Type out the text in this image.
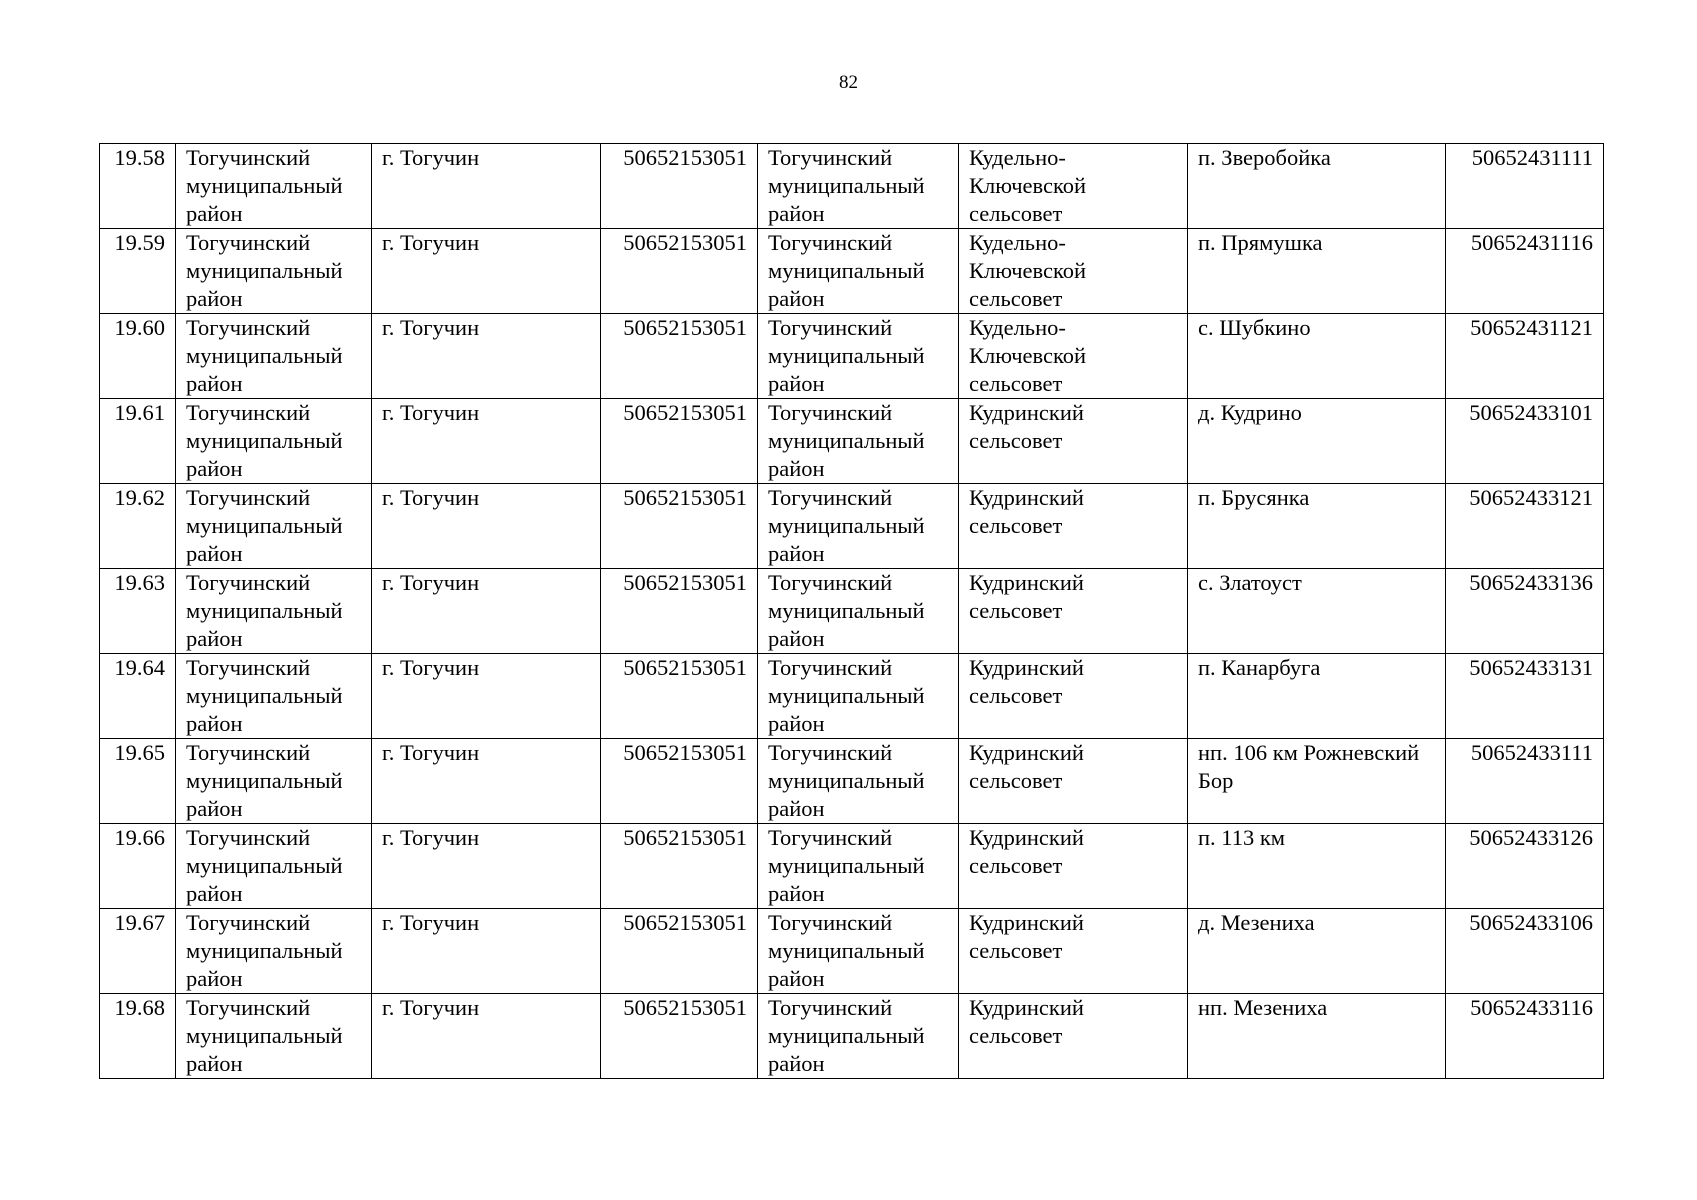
82
19.58	Тогучинский муниципальный район	г. Тогучин	50652153051	Тогучинский муниципальный район	Кудельно-Ключевской сельсовет	п. Зверобойка	50652431111

19.59	Тогучинский муниципальный район	г. Тогучин	50652153051	Тогучинский муниципальный район	Кудельно-Ключевской сельсовет	п. Прямушка	50652431116

19.60	Тогучинский муниципальный район	г. Тогучин	50652153051	Тогучинский муниципальный район	Кудельно-Ключевской сельсовет	с. Шубкино	50652431121

19.61	Тогучинский муниципальный район	г. Тогучин	50652153051	Тогучинский муниципальный район	Кудринский сельсовет	д. Кудрино	50652433101

19.62	Тогучинский муниципальный район	г. Тогучин	50652153051	Тогучинский муниципальный район	Кудринский сельсовет	п. Брусянка	50652433121

19.63	Тогучинский муниципальный район	г. Тогучин	50652153051	Тогучинский муниципальный район	Кудринский сельсовет	с. Златоуст	50652433136

19.64	Тогучинский муниципальный район	г. Тогучин	50652153051	Тогучинский муниципальный район	Кудринский сельсовет	п. Канарбуга	50652433131

19.65	Тогучинский муниципальный район	г. Тогучин	50652153051	Тогучинский муниципальный район	Кудринский сельсовет	нп. 106 км Рожневский Бор	50652433111

19.66	Тогучинский муниципальный район	г. Тогучин	50652153051	Тогучинский муниципальный район	Кудринский сельсовет	п. 113 км	50652433126

19.67	Тогучинский муниципальный район	г. Тогучин	50652153051	Тогучинский муниципальный район	Кудринский сельсовет	д. Мезениха	50652433106

19.68	Тогучинский муниципальный район	г. Тогучин	50652153051	Тогучинский муниципальный район	Кудринский сельсовет	нп. Мезениха	50652433116
